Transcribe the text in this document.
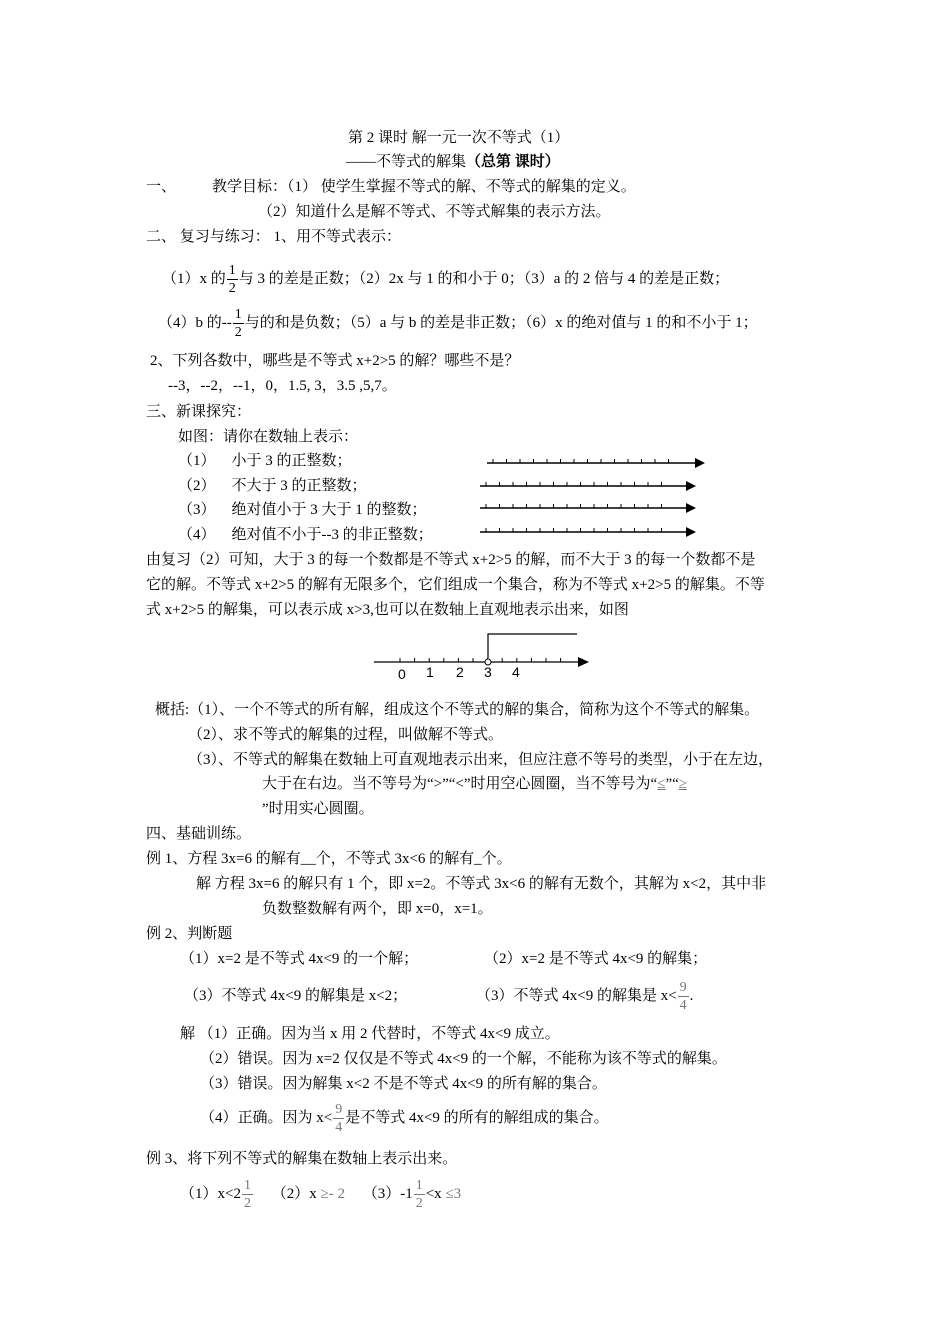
第 2 课时 解一元一次不等式（1）
——不等式的解集（总第 课时）
一、 教学目标：（1） 使学生掌握不等式的解、不等式的解集的定义。
（2）知道什么是解不等式、不等式解集的表示方法。
二、 复习与练习： 1、用不等式表示：
（1）x 的 $\frac{1}{2}$ 与 3 的差是正数；（2）2x 与 1 的和小于 0；（3）a 的 2 倍与 4 的差是正数；
（4）b 的-- $\frac{1}{2}$ 与的和是负数；（5）a 与 b 的差是非正数；（6）x 的绝对值与 1 的和不小于 1；
2、下列各数中，哪些是不等式 x+2>5 的解？哪些不是？
--3，--2，--1，0，1.5, 3，3.5 ,5,7。
三、新课探究：
如图：请你在数轴上表示：
（1） 小于 3 的正整数；
（2） 不大于 3 的正整数；
（3） 绝对值小于 3 大于 1 的整数；
（4） 绝对值不小于--3 的非正整数；
由复习（2）可知，大于 3 的每一个数都是不等式 x+2>5 的解，而不大于 3 的每一个数都不是
它的解。不等式 x+2>5 的解有无限多个，它们组成一个集合，称为不等式 x+2>5 的解集。不等
式 x+2>5 的解集，可以表示成 x>3,也可以在数轴上直观地表示出来，如图
0 1 2 3 4
概括:（1）、一个不等式的所有解，组成这个不等式的解的集合，简称为这个不等式的解集。
（2）、求不等式的解集的过程，叫做解不等式。
（3）、不等式的解集在数轴上可直观地表示出来，但应注意不等号的类型，小于在左边，
大于在右边。当不等号为“>”“<”时用空心圆圈，当不等号为“≤”“≥
”时用实心圆圈。
四、基础训练。
例 1、方程 3x=6 的解有__个，不等式 3x<6 的解有_个。
解 方程 3x=6 的解只有 1 个，即 x=2。不等式 3x<6 的解有无数个，其解为 x<2，其中非
负数整数解有两个，即 x=0，x=1。
例 2、判断题
（1）x=2 是不等式 4x<9 的一个解；	（2）x=2 是不等式 4x<9 的解集；
（3）不等式 4x<9 的解集是 x<2；	（3）不等式 4x<9 的解集是 $x< \frac{9}{4}$ .
解 （1）正确。因为当 x 用 2 代替时，不等式 4x<9 成立。
（2）错误。因为 x=2 仅仅是不等式 4x<9 的一个解，不能称为该不等式的解集。
（3）错误。因为解集 x<2 不是不等式 4x<9 的所有解的集合。
（4）正确。因为 $x< \frac{9}{4}$ 是不等式 4x<9 的所有的解组成的集合。
例 3、将下列不等式的解集在数轴上表示出来。
$(1)x<2 \frac{1}{2} (2)x \ge- 2$ $(3)-1 \frac{1}{2} <x \le 3$
